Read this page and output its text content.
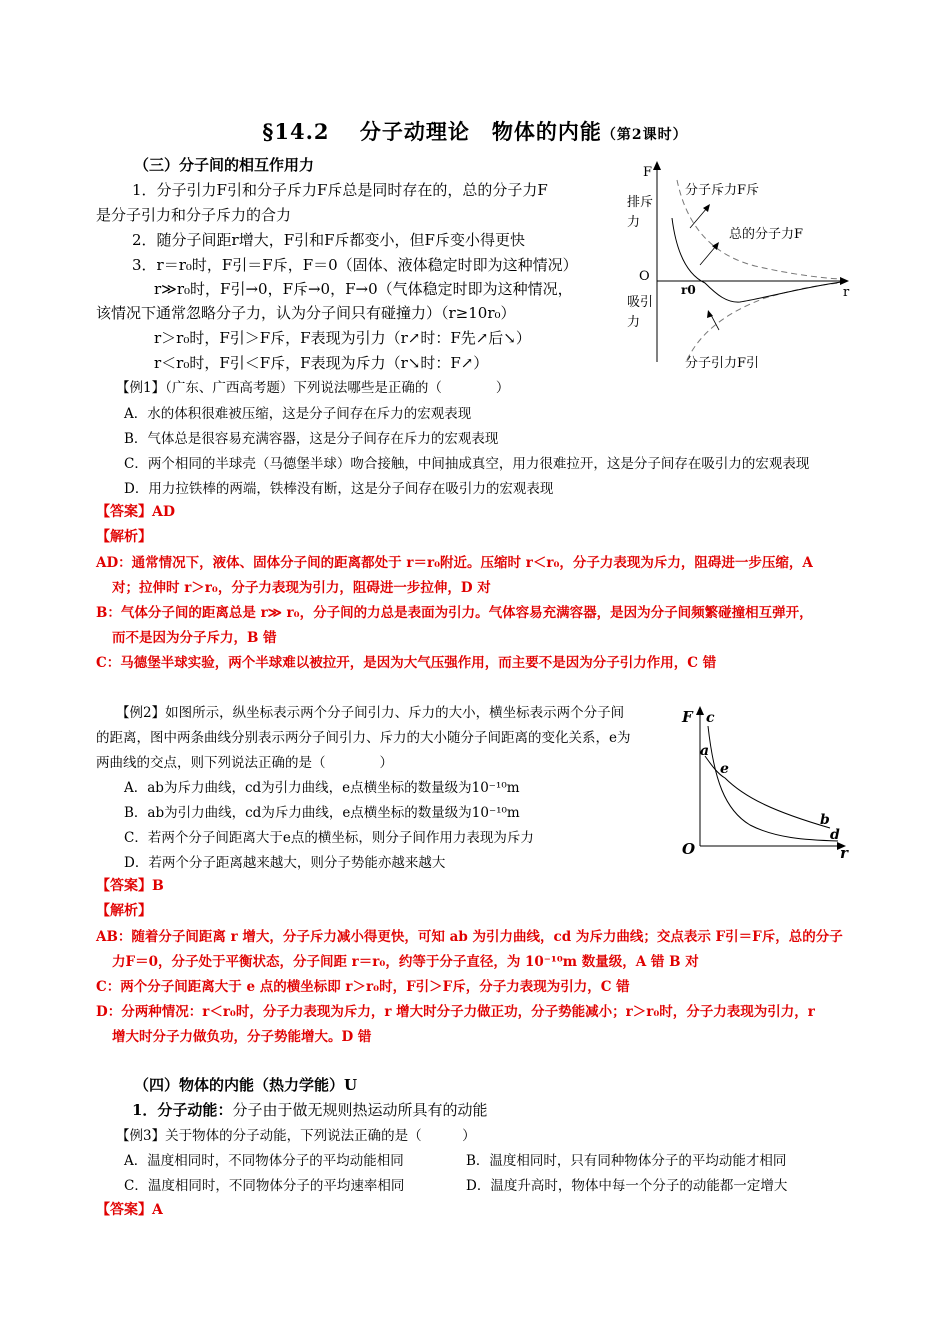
§14.2　 分子动理论　物体的内能（第2课时）
（三）分子间的相互作用力
1．分子引力F引和分子斥力F斥总是同时存在的，总的分子力F
是分子引力和分子斥力的合力
2．随分子间距r增大，F引和F斥都变小，但F斥变小得更快
3．r＝r₀时，F引＝F斥，F＝0（固体、液体稳定时即为这种情况）
r≫r₀时，F引→0，F斥→0，F→0（气体稳定时即为这种情况，
该情况下通常忽略分子力，认为分子间只有碰撞力）（r≥10r₀）
r＞r₀时，F引＞F斥，F表现为引力（r↗时：F先↗后↘）
r＜r₀时，F引＜F斥，F表现为斥力（r↘时：F↗）
F
排斥
力
O
r0	r
吸引
力
分子斥力F斥
总的分子力F
分子引力F引
【例1】（广东、广西高考题）下列说法哪些是正确的（　　　　）
A．水的体积很难被压缩，这是分子间存在斥力的宏观表现
B．气体总是很容易充满容器，这是分子间存在斥力的宏观表现
C．两个相同的半球壳（马德堡半球）吻合接触，中间抽成真空，用力很难拉开，这是分子间存在吸引力的宏观表现
D．用力拉铁棒的两端，铁棒没有断，这是分子间存在吸引力的宏观表现
【答案】AD
【解析】
AD：通常情况下，液体、固体分子间的距离都处于 r＝r₀附近。压缩时 r＜r₀，分子力表现为斥力，阻碍进一步压缩，A
对；拉伸时 r＞r₀，分子力表现为引力，阻碍进一步拉伸，D 对
B：气体分子间的距离总是 r≫ r₀，分子间的力总是表面为引力。气体容易充满容器，是因为分子间频繁碰撞相互弹开，
而不是因为分子斥力，B 错
C：马德堡半球实验，两个半球难以被拉开，是因为大气压强作用，而主要不是因为分子引力作用，C 错
【例2】如图所示，纵坐标表示两个分子间引力、斥力的大小，横坐标表示两个分子间
的距离，图中两条曲线分别表示两分子间引力、斥力的大小随分子间距离的变化关系，e为
两曲线的交点，则下列说法正确的是（　　　　）
A．ab为斥力曲线，cd为引力曲线，e点横坐标的数量级为10⁻¹⁰m
B．ab为引力曲线，cd为斥力曲线，e点横坐标的数量级为10⁻¹⁰m
C．若两个分子间距离大于e点的横坐标，则分子间作用力表现为斥力
D．若两个分子距离越来越大，则分子势能亦越来越大
F c
a
e
b
d
O	r
【答案】B
【解析】
AB：随着分子间距离 r 增大，分子斥力减小得更快，可知 ab 为引力曲线，cd 为斥力曲线；交点表示 F引＝F斥，总的分子
力F＝0，分子处于平衡状态，分子间距 r＝r₀，约等于分子直径，为 10⁻¹⁰m 数量级，A 错 B 对
C：两个分子间距离大于 e 点的横坐标即 r＞r₀时，F引＞F斥，分子力表现为引力，C 错
D：分两种情况：r＜r₀时，分子力表现为斥力，r 增大时分子力做正功，分子势能减小；r＞r₀时，分子力表现为引力，r
增大时分子力做负功，分子势能增大。D 错
（四）物体的内能（热力学能）U
1．分子动能：分子由于做无规则热运动所具有的动能
【例3】关于物体的分子动能，下列说法正确的是（　　　）
A．温度相同时，不同物体分子的平均动能相同	B．温度相同时，只有同种物体分子的平均动能才相同
C．温度相同时，不同物体分子的平均速率相同	D．温度升高时，物体中每一个分子的动能都一定增大
【答案】A
